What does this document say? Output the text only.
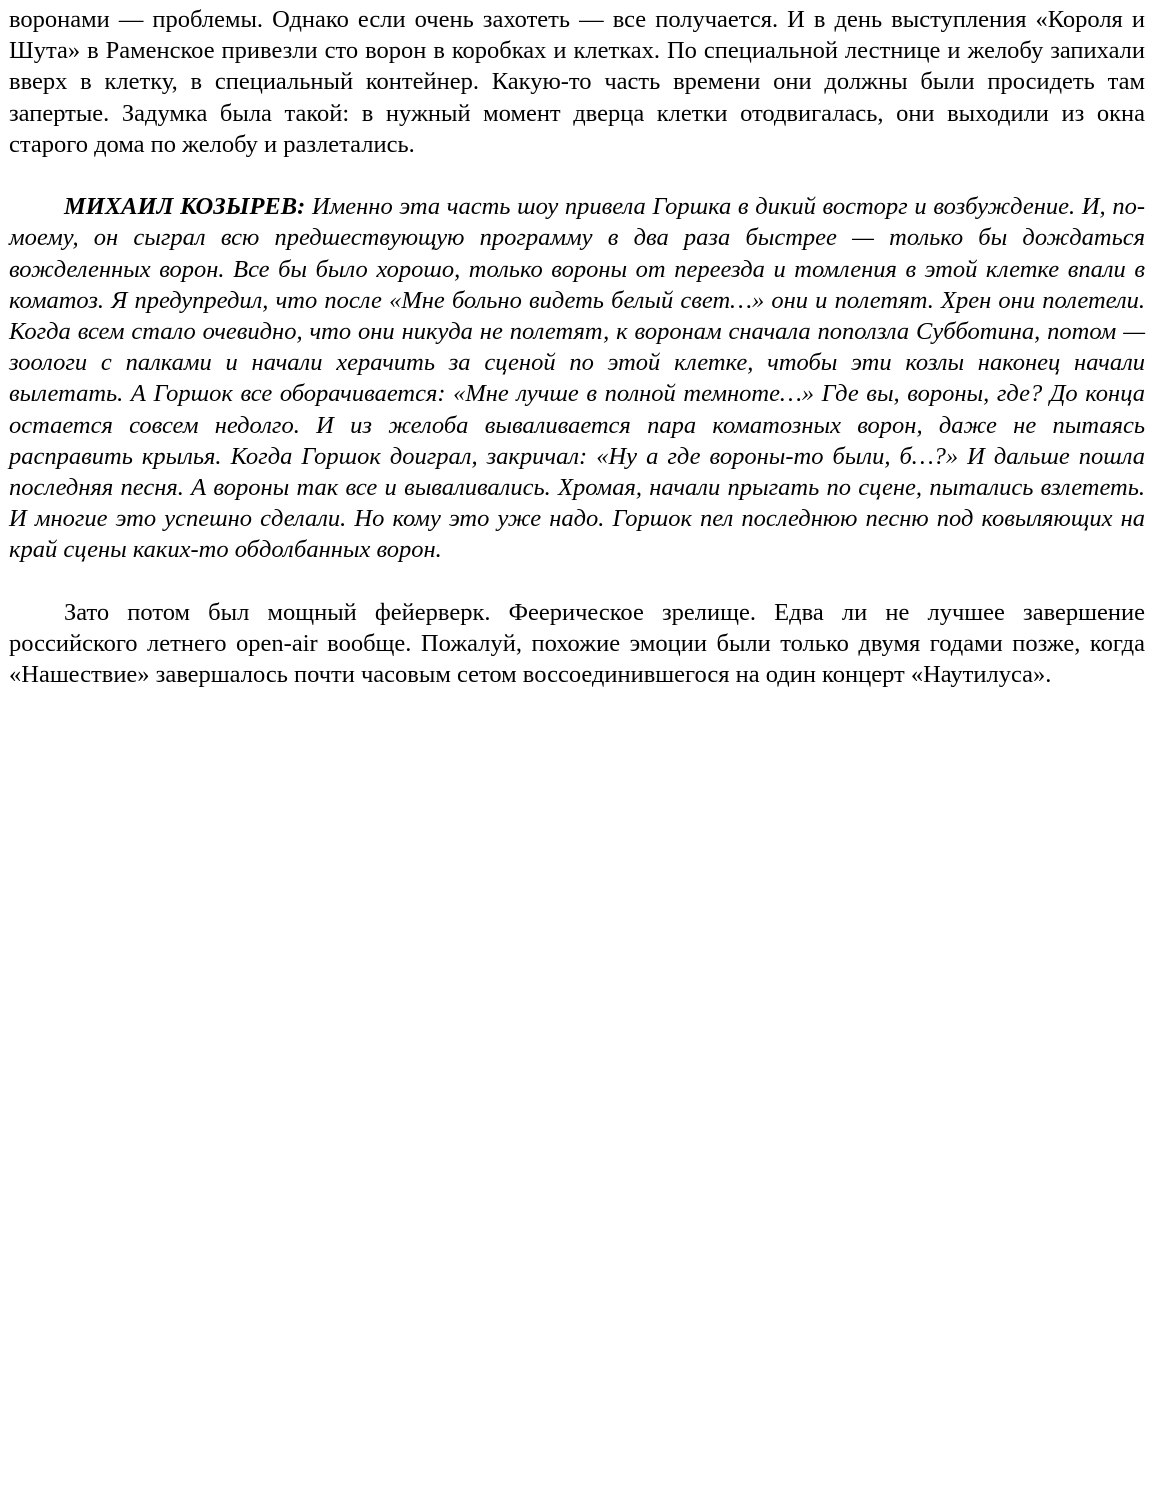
воронами — проблемы. Однако если очень захотеть — все получается. И в день выступления «Короля и Шута» в Раменское привезли сто ворон в коробках и клетках. По специальной лестнице и желобу запихали вверх в клетку, в специальный контейнер. Какую-то часть времени они должны были просидеть там запертые. Задумка была такой: в нужный момент дверца клетки отодвигалась, они выходили из окна старого дома по желобу и разлетались.

МИХАИЛ КОЗЫРЕВ: Именно эта часть шоу привела Горшка в дикий восторг и возбуждение. И, по-моему, он сыграл всю предшествующую программу в два раза быстрее — только бы дождаться вожделенных ворон. Все бы было хорошо, только вороны от переезда и томления в этой клетке впали в коматоз. Я предупредил, что после «Мне больно видеть белый свет…» они и полетят. Хрен они полетели. Когда всем стало очевидно, что они никуда не полетят, к воронам сначала поползла Субботина, потом — зоологи с палками и начали херачить за сценой по этой клетке, чтобы эти козлы наконец начали вылетать. А Горшок все оборачивается: «Мне лучше в полной темноте…» Где вы, вороны, где? До конца остается совсем недолго. И из желоба вываливается пара коматозных ворон, даже не пытаясь расправить крылья. Когда Горшок доиграл, закричал: «Ну а где вороны-то были, б…?» И дальше пошла последняя песня. А вороны так все и вываливались. Хромая, начали прыгать по сцене, пытались взлететь. И многие это успешно сделали. Но кому это уже надо. Горшок пел последнюю песню под ковыляющих на край сцены каких-то обдолбанных ворон.

Зато потом был мощный фейерверк. Феерическое зрелище. Едва ли не лучшее завершение российского летнего open-air вообще. Пожалуй, похожие эмоции были только двумя годами позже, когда «Нашествие» завершалось почти часовым сетом воссоединившегося на один концерт «Наутилуса».
